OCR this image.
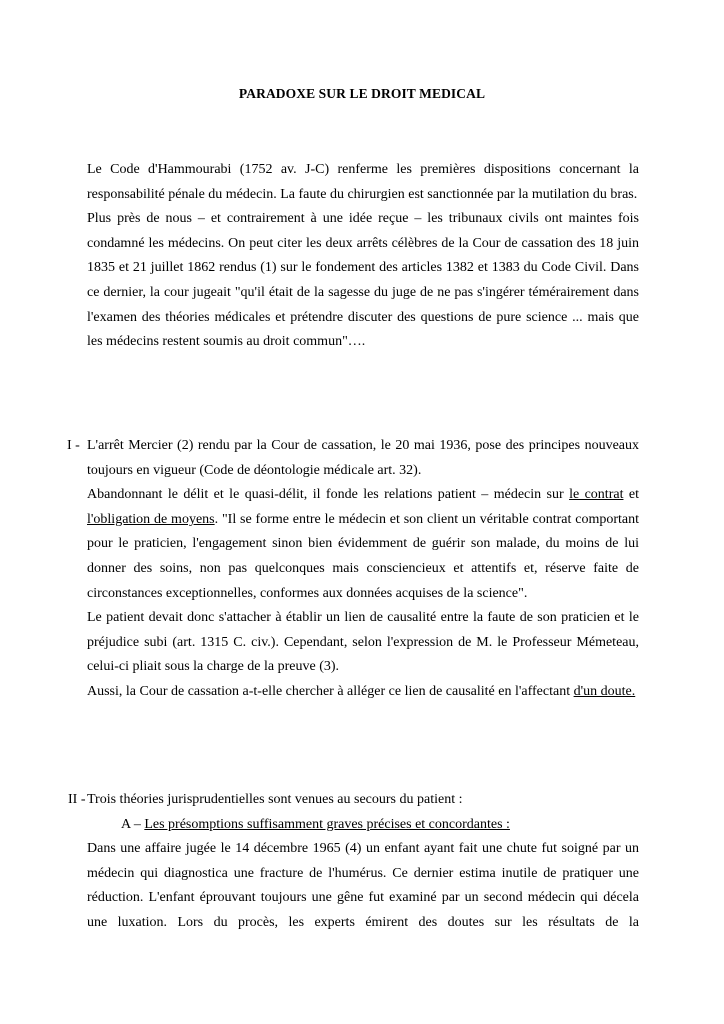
PARADOXE SUR LE DROIT MEDICAL

Le Code d'Hammourabi (1752 av. J-C) renferme les premières dispositions concernant la responsabilité pénale du médecin. La faute du chirurgien est sanctionnée par la mutilation du bras.

Plus près de nous – et contrairement à une idée reçue – les tribunaux civils ont maintes fois condamné les médecins. On peut citer les deux arrêts célèbres de la Cour de cassation des 18 juin 1835 et 21 juillet 1862 rendus (1) sur le fondement des articles 1382 et 1383 du Code Civil. Dans ce dernier, la cour jugeait "qu'il était de la sagesse du juge de ne pas s'ingérer témérairement dans l'examen des théories médicales et prétendre discuter des questions de pure science ... mais que les médecins restent soumis au droit commun"….

I - L'arrêt Mercier (2) rendu par la Cour de cassation, le 20 mai 1936, pose des principes nouveaux toujours en vigueur (Code de déontologie médicale art. 32).

Abandonnant le délit et le quasi-délit, il fonde les relations patient – médecin sur le contrat et l'obligation de moyens. "Il se forme entre le médecin et son client un véritable contrat comportant pour le praticien, l'engagement sinon bien évidemment de guérir son malade, du moins de lui donner des soins, non pas quelconques mais consciencieux et attentifs et, réserve faite de circonstances exceptionnelles, conformes aux données acquises de la science".

Le patient devait donc s'attacher à établir un lien de causalité entre la faute de son praticien et le préjudice subi (art. 1315 C. civ.). Cependant, selon l'expression de M. le Professeur Mémeteau, celui-ci pliait sous la charge de la preuve (3).

Aussi, la Cour de cassation a-t-elle chercher à alléger ce lien de causalité en l'affectant d'un doute.

II - Trois théories jurisprudentielles sont venues au secours du patient :

A – Les présomptions suffisamment graves précises et concordantes :

Dans une affaire jugée le 14 décembre 1965 (4) un enfant ayant fait une chute fut soigné par un médecin qui diagnostica une fracture de l'humérus. Ce dernier estima inutile de pratiquer une réduction. L'enfant éprouvant toujours une gêne fut examiné par un second médecin qui décela une luxation. Lors du procès, les experts émirent des doutes sur les résultats de la
